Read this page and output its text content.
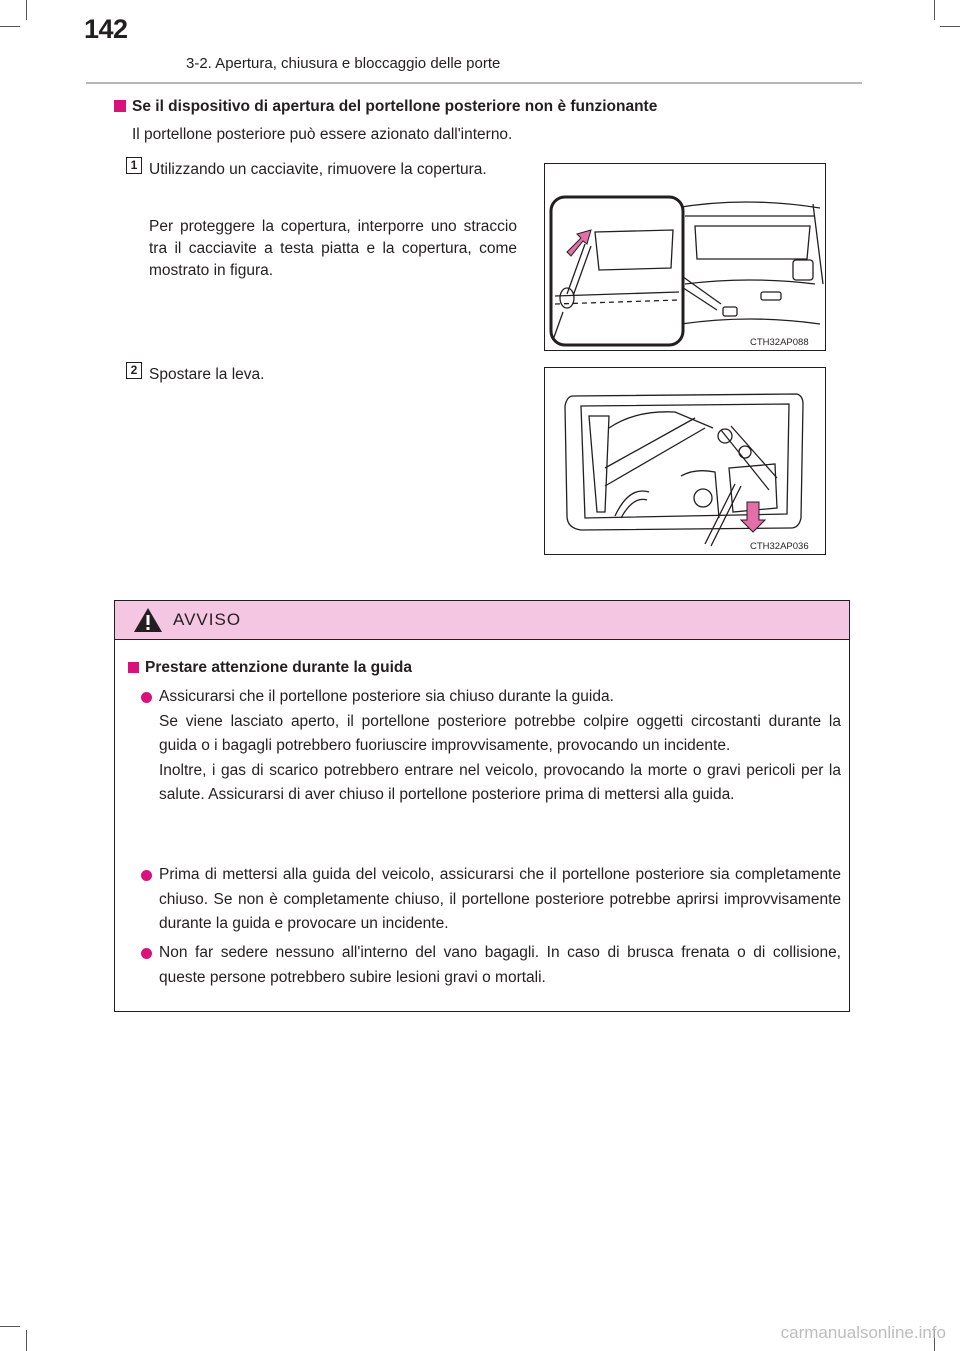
142
3-2. Apertura, chiusura e bloccaggio delle porte
Se il dispositivo di apertura del portellone posteriore non è funzionante
Il portellone posteriore può essere azionato dall'interno.
1 Utilizzando un cacciavite, rimuovere la copertura.
Per proteggere la copertura, interporre uno straccio tra il cacciavite a testa piatta e la copertura, come mostrato in figura.
CTH32AP088
2 Spostare la leva.
CTH32AP036
AVVISO
Prestare attenzione durante la guida

Assicurarsi che il portellone posteriore sia chiuso durante la guida.

Se viene lasciato aperto, il portellone posteriore potrebbe colpire oggetti circostanti durante la guida o i bagagli potrebbero fuoriuscire improvvisamente, provocando un incidente.

Inoltre, i gas di scarico potrebbero entrare nel veicolo, provocando la morte o gravi pericoli per la salute. Assicurarsi di aver chiuso il portellone posteriore prima di mettersi alla guida.

Prima di mettersi alla guida del veicolo, assicurarsi che il portellone posteriore sia completamente chiuso. Se non è completamente chiuso, il portellone posteriore potrebbe aprirsi improvvisamente durante la guida e provocare un incidente.

Non far sedere nessuno all'interno del vano bagagli. In caso di brusca frenata o di collisione, queste persone potrebbero subire lesioni gravi o mortali.

carmanualsonline.info
